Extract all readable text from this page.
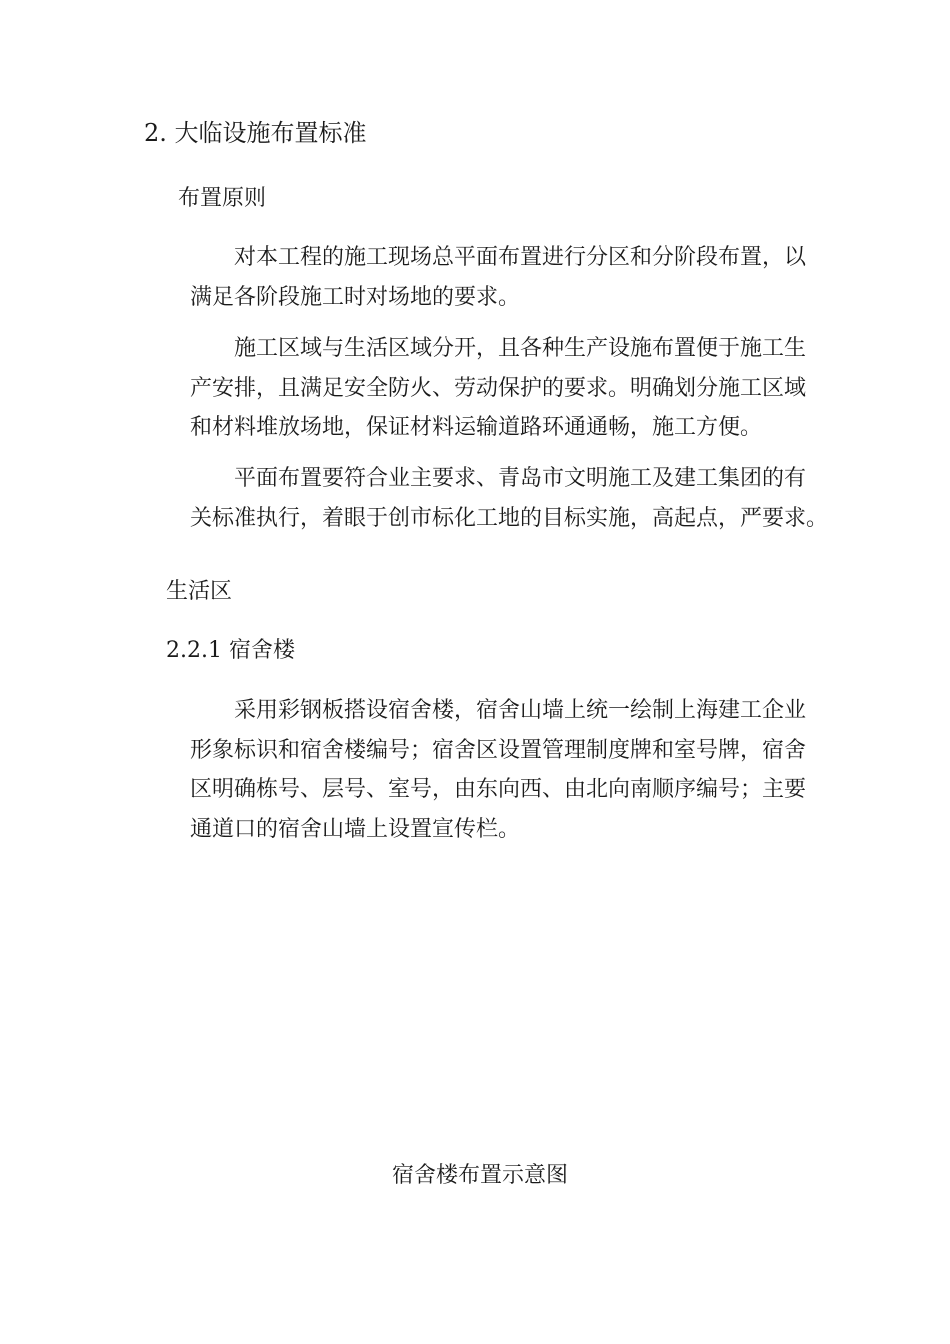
2. 大临设施布置标准
布置原则
对本工程的施工现场总平面布置进行分区和分阶段布置，以
满足各阶段施工时对场地的要求。
施工区域与生活区域分开，且各种生产设施布置便于施工生
产安排，且满足安全防火、劳动保护的要求。明确划分施工区域
和材料堆放场地，保证材料运输道路环通通畅，施工方便。
平面布置要符合业主要求、青岛市文明施工及建工集团的有
关标准执行，着眼于创市标化工地的目标实施，高起点，严要求。
生活区
2.2.1 宿舍楼
采用彩钢板搭设宿舍楼，宿舍山墙上统一绘制上海建工企业
形象标识和宿舍楼编号；宿舍区设置管理制度牌和室号牌，宿舍
区明确栋号、层号、室号，由东向西、由北向南顺序编号；主要
通道口的宿舍山墙上设置宣传栏。
宿舍楼布置示意图
